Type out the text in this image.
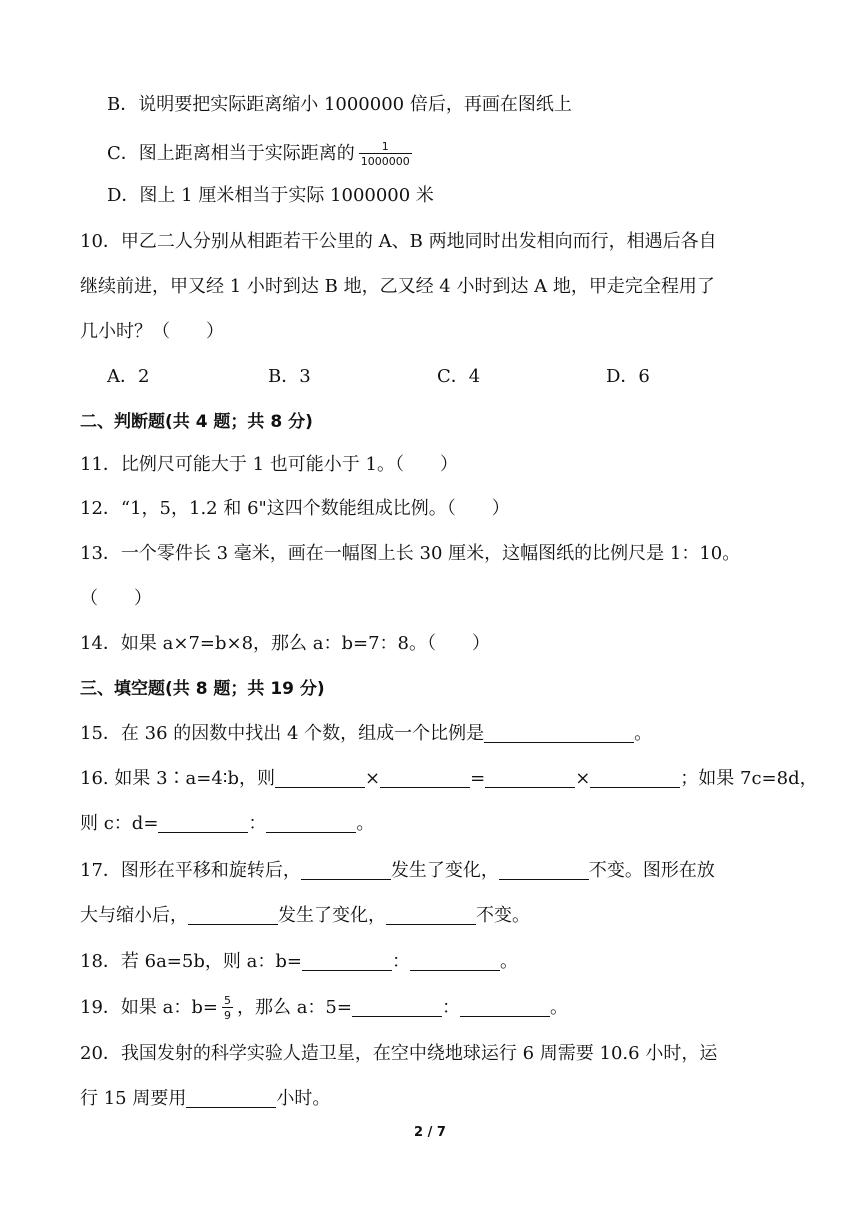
B．说明要把实际距离缩小 1000000 倍后，再画在图纸上
C．图上距离相当于实际距离的 $\frac{1}{1000000}$
D．图上 1 厘米相当于实际 1000000 米
10．甲乙二人分别从相距若干公里的 A、B 两地同时出发相向而行，相遇后各自
继续前进，甲又经 1 小时到达 B 地，乙又经 4 小时到达 A 地，甲走完全程用了
几小时？（　　）
A．2	B．3	C．4	D．6
二、判断题(共 4 题；共 8 分)
11．比例尺可能大于 1 也可能小于 1。（　　）
12．“1，5，1.2 和 6"这四个数能组成比例。（　　）
13．一个零件长 3 毫米，画在一幅图上长 30 厘米，这幅图纸的比例尺是 1：10。
（　　）
14．如果 a×7=b×8，那么 a：b=7：8。（　　）
三、填空题(共 8 题；共 19 分)
15．在 36 的因数中找出 4 个数，组成一个比例是	。
16. 如果 3∶a=4∶b，则	×	=	×	；如果 7c=8d，
则 c：d=	：	。
17．图形在平移和旋转后，	发生了变化，	不变。图形在放
大与缩小后，	发生了变化，	不变。
18．若 6a=5b，则 a：b=	：	。
19．如果 a：$b= \frac{5}{9}$ ，那么 a：5=	：	。
20．我国发射的科学实验人造卫星，在空中绕地球运行 6 周需要 10.6 小时，运
行 15 周要用	小时。
2 / 7
